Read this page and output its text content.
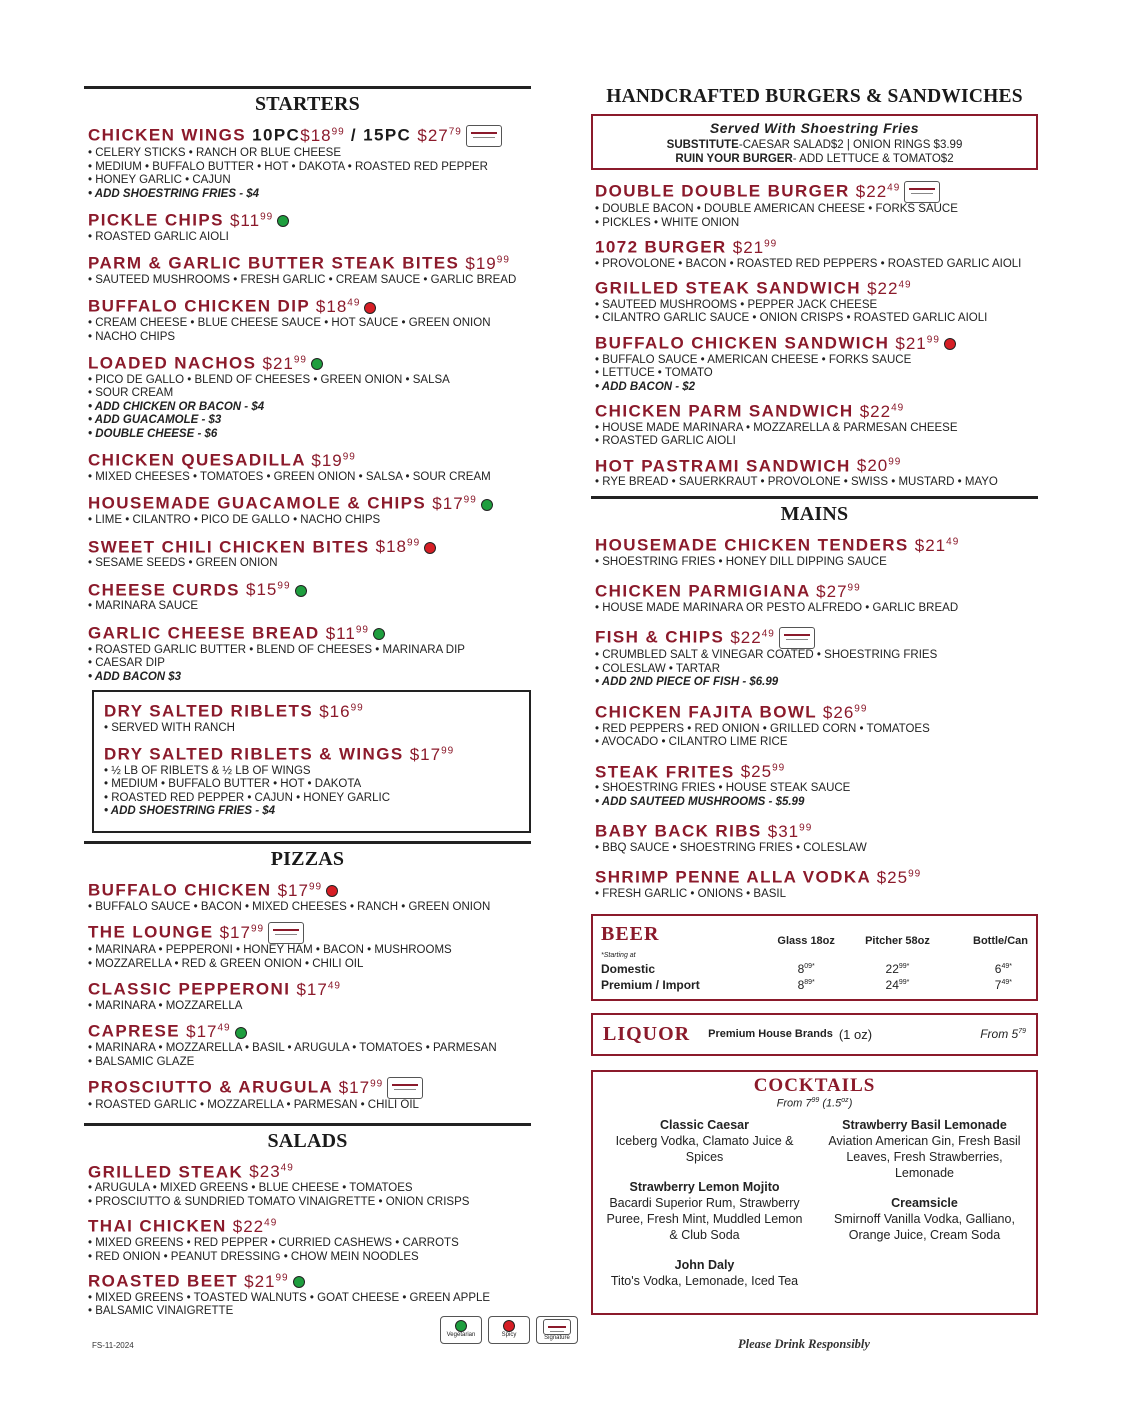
STARTERS
CHICKEN WINGS $10PC\$18^{99} / 15PC$ $\$27^{79}$
• CELERY STICKS • RANCH OR BLUE CHEESE
• MEDIUM • BUFFALO BUTTER • HOT • DAKOTA • ROASTED RED PEPPER
• HONEY GARLIC • CAJUN
• ADD SHOESTRING FRIES - $4
PICKLE CHIPS $\$11^{99}$
• ROASTED GARLIC AIOLI
PARM & GARLIC BUTTER STEAK BITES $\$19^{99}$
• SAUTEED MUSHROOMS • FRESH GARLIC • CREAM SAUCE • GARLIC BREAD
BUFFALO CHICKEN DIP $\$18^{49}$
• CREAM CHEESE • BLUE CHEESE SAUCE • HOT SAUCE • GREEN ONION
• NACHO CHIPS
LOADED NACHOS $\$21^{99}$
• PICO DE GALLO • BLEND OF CHEESES • GREEN ONION • SALSA
• SOUR CREAM
• ADD CHICKEN OR BACON - $4
• ADD GUACAMOLE - $3
• DOUBLE CHEESE - $6
CHICKEN QUESADILLA $\$19^{99}$
• MIXED CHEESES • TOMATOES • GREEN ONION • SALSA • SOUR CREAM
HOUSEMADE GUACAMOLE & CHIPS $\$17^{99}$
• LIME • CILANTRO • PICO DE GALLO • NACHO CHIPS
SWEET CHILI CHICKEN BITES $\$18^{99}$
• SESAME SEEDS • GREEN ONION
CHEESE CURDS $\$15^{99}$
• MARINARA SAUCE
GARLIC CHEESE BREAD $\$11^{99}$
• ROASTED GARLIC BUTTER • BLEND OF CHEESES • MARINARA DIP
• CAESAR DIP
• ADD BACON $3
DRY SALTED RIBLETS $\$16^{99}$
• SERVED WITH RANCH
DRY SALTED RIBLETS & WINGS $\$17^{99}$
• ½ LB OF RIBLETS & ½ LB OF WINGS
• MEDIUM • BUFFALO BUTTER • HOT • DAKOTA
• ROASTED RED PEPPER • CAJUN • HONEY GARLIC
• ADD SHOESTRING FRIES - $4
PIZZAS
BUFFALO CHICKEN $\$17^{99}$
• BUFFALO SAUCE • BACON • MIXED CHEESES • RANCH • GREEN ONION
THE LOUNGE $\$17^{99}$
• MARINARA • PEPPERONI • HONEY HAM • BACON • MUSHROOMS
• MOZZARELLA • RED & GREEN ONION • CHILI OIL
CLASSIC PEPPERONI $\$17^{49}$
• MARINARA • MOZZARELLA
CAPRESE $\$17^{49}$
• MARINARA • MOZZARELLA • BASIL • ARUGULA • TOMATOES • PARMESAN
• BALSAMIC GLAZE
PROSCIUTTO & ARUGULA $\$17^{99}$
• ROASTED GARLIC • MOZZARELLA • PARMESAN • CHILI OIL
SALADS
GRILLED STEAK $\$23^{49}$
• ARUGULA • MIXED GREENS • BLUE CHEESE • TOMATOES
• PROSCIUTTO & SUNDRIED TOMATO VINAIGRETTE • ONION CRISPS
THAI CHICKEN $\$22^{49}$
• MIXED GREENS • RED PEPPER • CURRIED CASHEWS • CARROTS
• RED ONION • PEANUT DRESSING • CHOW MEIN NOODLES
ROASTED BEET $\$21^{99}$
• MIXED GREENS • TOASTED WALNUTS • GOAT CHEESE • GREEN APPLE
• BALSAMIC VINAIGRETTE
HANDCRAFTED BURGERS & SANDWICHES
Served With Shoestring Fries
SUBSTITUTE-CAESAR SALAD$2 | ONION RINGS $3.99
RUIN YOUR BURGER- ADD LETTUCE & TOMATO$2
DOUBLE DOUBLE BURGER $\$22^{49}$
• DOUBLE BACON • DOUBLE AMERICAN CHEESE • FORKS SAUCE
• PICKLES • WHITE ONION
1072 BURGER $\$21^{99}$
• PROVOLONE • BACON • ROASTED RED PEPPERS • ROASTED GARLIC AIOLI
GRILLED STEAK SANDWICH $\$22^{49}$
• SAUTEED MUSHROOMS • PEPPER JACK CHEESE
• CILANTRO GARLIC SAUCE • ONION CRISPS • ROASTED GARLIC AIOLI
BUFFALO CHICKEN SANDWICH $\$21^{99}$
• BUFFALO SAUCE • AMERICAN CHEESE • FORKS SAUCE
• LETTUCE • TOMATO
• ADD BACON - $2
CHICKEN PARM SANDWICH $\$22^{49}$
• HOUSE MADE MARINARA • MOZZARELLA & PARMESAN CHEESE
• ROASTED GARLIC AIOLI
HOT PASTRAMI SANDWICH $\$20^{99}$
• RYE BREAD • SAUERKRAUT • PROVOLONE • SWISS • MUSTARD • MAYO
MAINS
HOUSEMADE CHICKEN TENDERS $\$21^{49}$
• SHOESTRING FRIES • HONEY DILL DIPPING SAUCE
CHICKEN PARMIGIANA $\$27^{99}$
• HOUSE MADE MARINARA OR PESTO ALFREDO • GARLIC BREAD
FISH & CHIPS $\$22^{49}$
• CRUMBLED SALT & VINEGAR COATED • SHOESTRING FRIES
• COLESLAW • TARTAR
• ADD 2ND PIECE OF FISH - $6.99
CHICKEN FAJITA BOWL $\$26^{99}$
• RED PEPPERS • RED ONION • GRILLED CORN • TOMATOES
• AVOCADO • CILANTRO LIME RICE
STEAK FRITES $\$25^{99}$
• SHOESTRING FRIES • HOUSE STEAK SAUCE
• ADD SAUTEED MUSHROOMS - $5.99
BABY BACK RIBS $\$31^{99}$
• BBQ SAUCE • SHOESTRING FRIES • COLESLAW
SHRIMP PENNE ALLA VODKA $\$25^{99}$
• FRESH GARLIC • ONIONS • BASIL
BEER
*Starting at	Glass 18oz	Pitcher 58oz	Bottle/Can
Domestic	$8^{09*}$	$22^{99*}$	$6^{49*}$
Premium / Import	$8^{89*}$	$24^{99*}$	$7^{49*}$
LIQUOR Premium House Brands (1 oz)	From $5^{79}$
COCKTAILS
From $7^{99}$ $(1.5^{oz})$
Classic Caesar
Iceberg Vodka, Clamato Juice & Spices
Strawberry Lemon Mojito
Bacardi Superior Rum, Strawberry Puree, Fresh Mint, Muddled Lemon & Club Soda
John Daly
Tito's Vodka, Lemonade, Iced Tea
Strawberry Basil Lemonade
Aviation American Gin, Fresh Basil Leaves, Fresh Strawberries, Lemonade
Creamsicle
Smirnoff Vanilla Vodka, Galliano, Orange Juice, Cream Soda
FS-11-2024
Vegetarian	Spicy	Signature	Please Drink Responsibly
